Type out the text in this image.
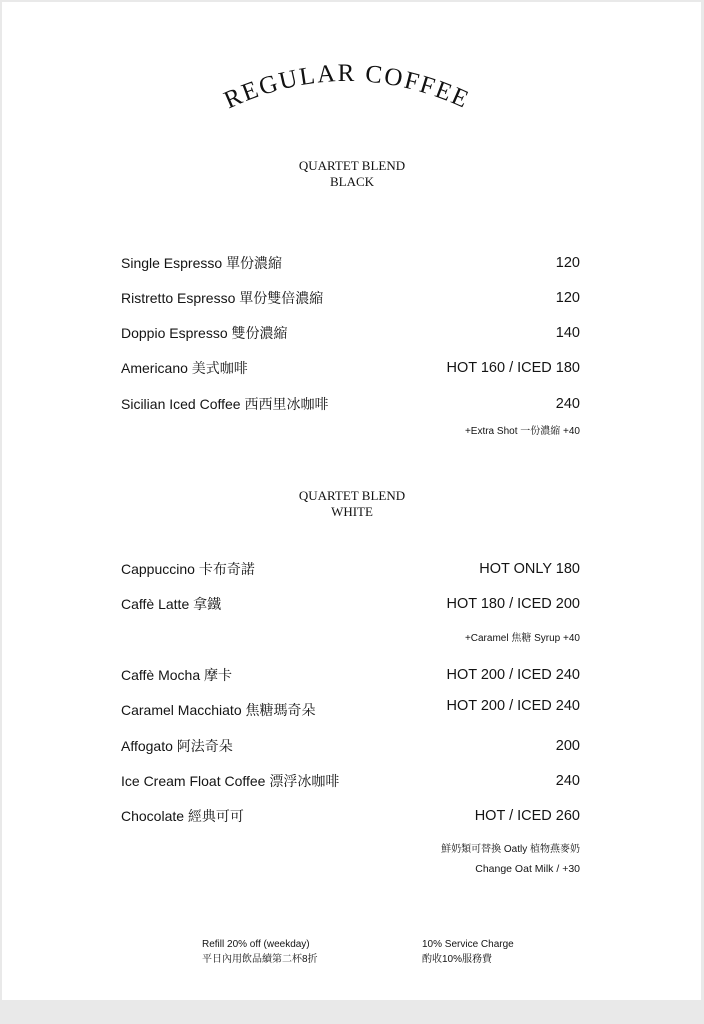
REGULAR COFFEE
QUARTET BLEND
BLACK
Single Espresso 單份濃縮	120
Ristretto Espresso 單份雙倍濃縮	120
Doppio Espresso 雙份濃縮	140
Americano 美式咖啡	HOT 160 / ICED 180
Sicilian Iced Coffee 西西里冰咖啡	240
+Extra Shot 一份濃縮 +40
QUARTET BLEND
WHITE
Cappuccino 卡布奇諾	HOT ONLY 180
Caffè Latte 拿鐵	HOT 180 / ICED 200
+Caramel 焦糖 Syrup +40
Caffè Mocha 摩卡	HOT 200 / ICED 240
Caramel Macchiato 焦糖瑪奇朵	HOT 200 / ICED 240
Affogato 阿法奇朵	200
Ice Cream Float Coffee 漂浮冰咖啡	240
Chocolate 經典可可	HOT / ICED 260
鮮奶類可替換 Oatly 植物燕麥奶
Change Oat Milk / +30
Refill 20% off (weekday)
平日內用飲品續第二杯8折
10% Service Charge
酌收10%服務費
